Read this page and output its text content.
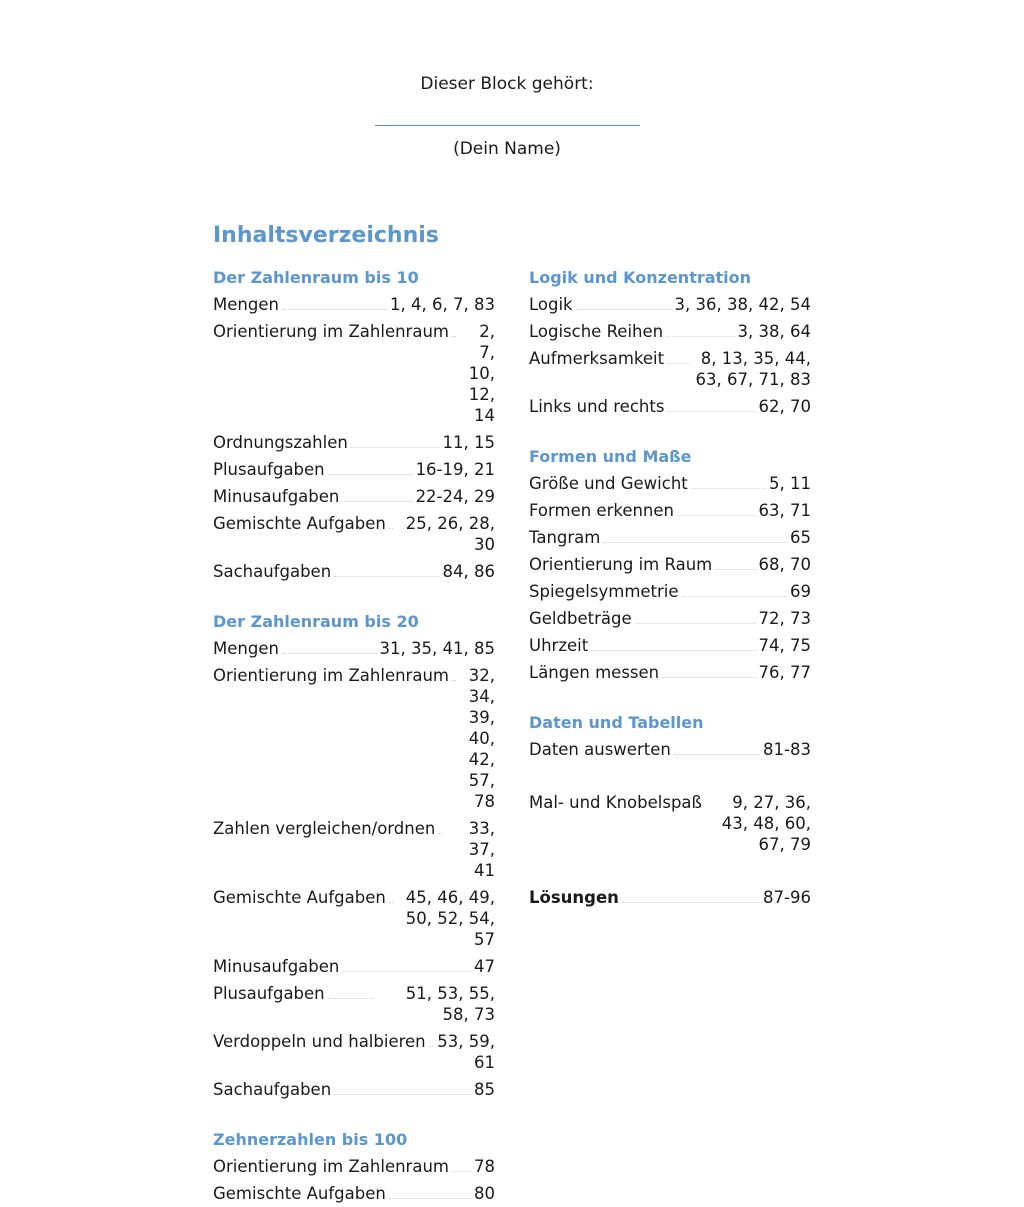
Dieser Block gehört:
(Dein Name)
Inhaltsverzeichnis
Der Zahlenraum bis 10
Mengen	1, 4, 6, 7, 83
Orientierung im Zahlenraum	2, 7, 10, 12, 14
Ordnungszahlen	11, 15
Plusaufgaben	16-19, 21
Minusaufgaben	22-24, 29
Gemischte Aufgaben	25, 26, 28, 30
Sachaufgaben	84, 86
Der Zahlenraum bis 20
Mengen	31, 35, 41, 85
Orientierung im Zahlenraum	32, 34, 39, 40, 42, 57, 78
Zahlen vergleichen/ordnen	33, 37, 41
Gemischte Aufgaben	45, 46, 49, 50, 52, 54, 57
Minusaufgaben	47
Plusaufgaben	51, 53, 55, 58, 73
Verdoppeln und halbieren 53, 59, 61
Sachaufgaben	85
Zehnerzahlen bis 100
Orientierung im Zahlenraum 78
Gemischte Aufgaben	80
Logik und Konzentration
Logik	3, 36, 38, 42, 54
Logische Reihen	3, 38, 64
Aufmerksamkeit	8, 13, 35, 44, 63, 67, 71, 83
Links und rechts	62, 70
Formen und Maße
Größe und Gewicht	5, 11
Formen erkennen	63, 71
Tangram	65
Orientierung im Raum	68, 70
Spiegelsymmetrie	69
Geldbeträge	72, 73
Uhrzeit	74, 75
Längen messen	76, 77
Daten und Tabellen
Daten auswerten	81-83
Mal- und Knobelspaß	9, 27, 36, 43, 48, 60, 67, 79
Lösungen	87-96
